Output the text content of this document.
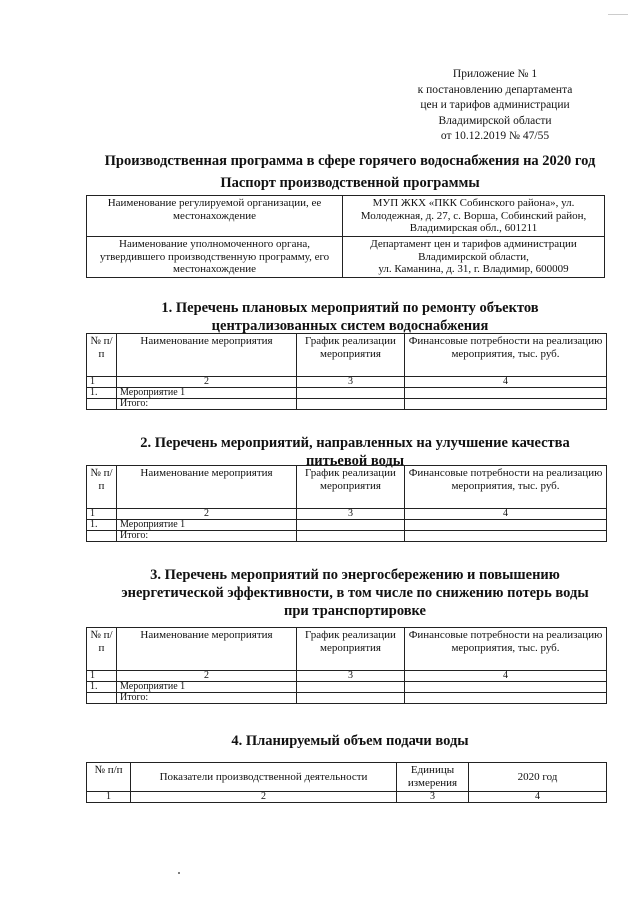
Приложение № 1
к постановлению департамента
цен и тарифов администрации
Владимирской области
от 10.12.2019 № 47/55
Производственная программа в сфере горячего водоснабжения на 2020 год
Паспорт производственной программы
Наименование регулируемой организации, ее местонахождение	МУП ЖКХ «ПКК Собинского района», ул. Молодежная, д. 27, с. Ворша, Собинский район, Владимирская обл., 601211
Наименование уполномоченного органа, утвердившего производственную программу, его местонахождение	Департамент цен и тарифов администрации
Владимирской области,
ул. Каманина, д. 31, г. Владимир, 600009
1. Перечень плановых мероприятий по ремонту объектов централизованных систем водоснабжения
№ п/п	Наименование мероприятия	График реализации мероприятия	Финансовые потребности на реализацию мероприятия, тыс. руб.
1	2	3	4
1.	Мероприятие 1		
	Итого:		
2. Перечень мероприятий, направленных на улучшение качества питьевой воды
№ п/п	Наименование мероприятия	График реализации мероприятия	Финансовые потребности на реализацию мероприятия, тыс. руб.
1	2	3	4
1.	Мероприятие 1		
	Итого:		
3. Перечень мероприятий по энергосбережению и повышению энергетической эффективности, в том числе по снижению потерь воды при транспортировке
№ п/п	Наименование мероприятия	График реализации мероприятия	Финансовые потребности на реализацию мероприятия, тыс. руб.
1	2	3	4
1.	Мероприятие 1		
	Итого:		
4. Планируемый объем подачи воды
№ п/п	Показатели производственной деятельности	Единицы измерения	2020 год
1	2	3	4
